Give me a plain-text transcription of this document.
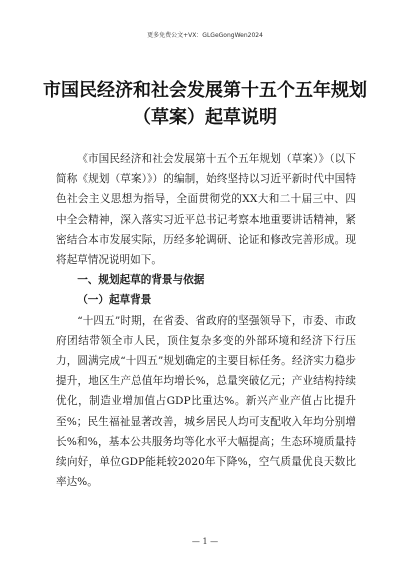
更多免费公文+VX：GLGeGongWen2024
市国民经济和社会发展第十五个五年规划
（草案）起草说明

《市国民经济和社会发展第十五个五年规划（草案）》（以下简称《规划（草案）》）的编制，始终坚持以习近平新时代中国特色社会主义思想为指导，全面贯彻党的XX大和二十届三中、四中全会精神，深入落实习近平总书记考察本地重要讲话精神，紧密结合本市发展实际，历经多轮调研、论证和修改完善形成。现将起草情况说明如下。

一、规划起草的背景与依据
（一）起草背景

“十四五”时期，在省委、省政府的坚强领导下，市委、市政府团结带领全市人民，顶住复杂多变的外部环境和经济下行压力，圆满完成“十四五”规划确定的主要目标任务。经济实力稳步提升，地区生产总值年均增长%，总量突破亿元；产业结构持续优化，制造业增加值占GDP比重达%。新兴产业产值占比提升至%；民生福祉显著改善，城乡居民人均可支配收入年均分别增长%和%，基本公共服务均等化水平大幅提高；生态环境质量持续向好，单位GDP能耗较2020年下降%，空气质量优良天数比率达%。

— 1 —
